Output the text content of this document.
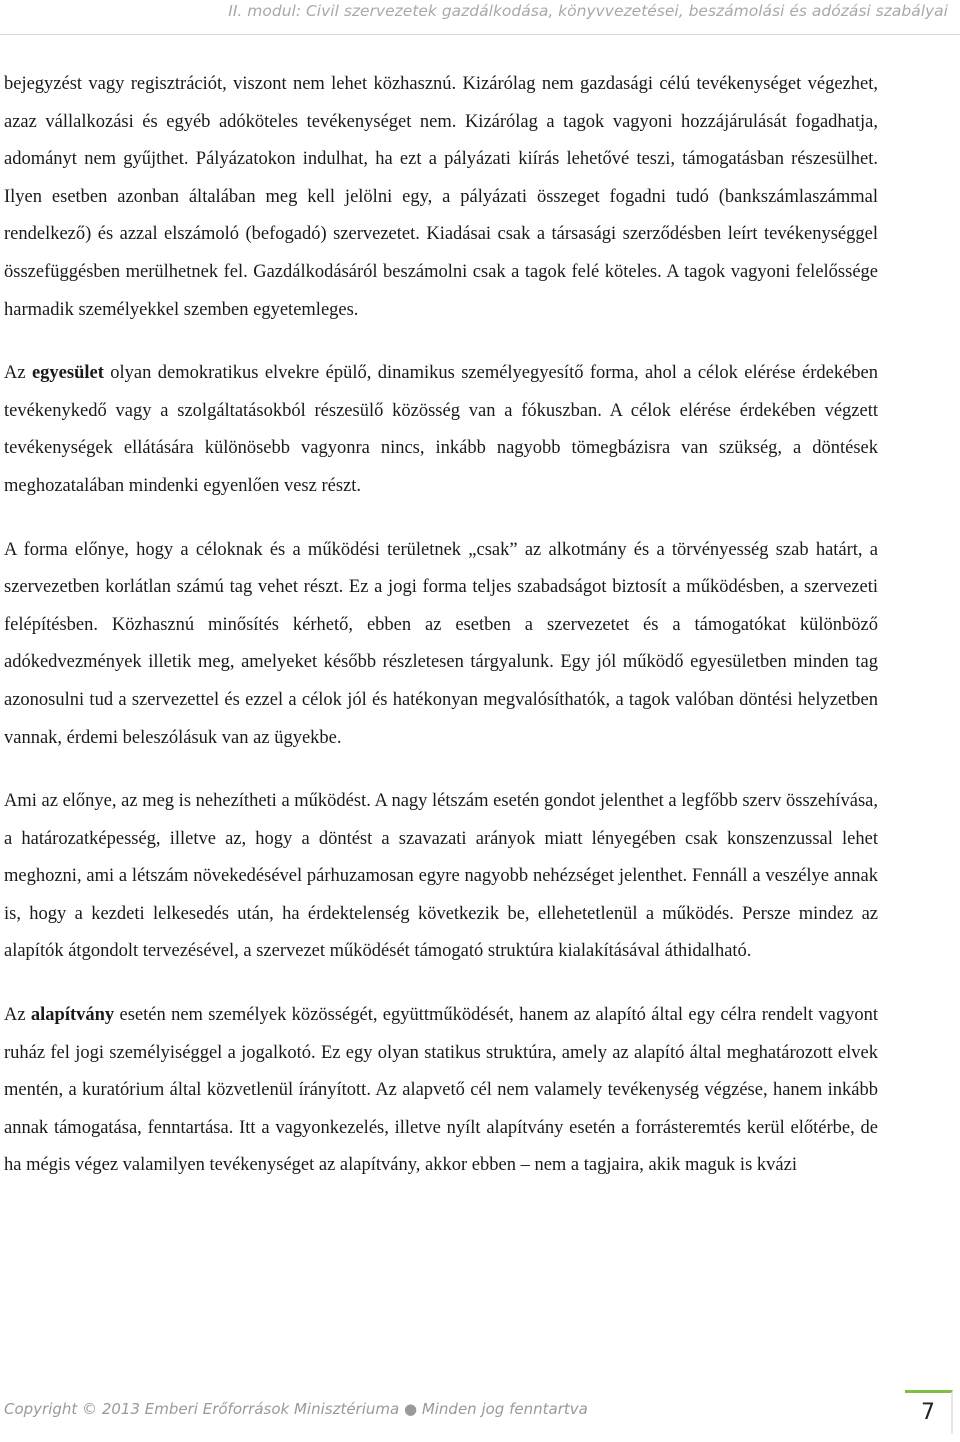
II. modul: Civil szervezetek gazdálkodása, könyvvezetései, beszámolási és adózási szabályai

bejegyzést vagy regisztrációt, viszont nem lehet közhasznú. Kizárólag nem gazdasági célú tevékenységet végezhet, azaz vállalkozási és egyéb adóköteles tevékenységet nem. Kizárólag a tagok vagyoni hozzájárulását fogadhatja, adományt nem gyűjthet. Pályázatokon indulhat, ha ezt a pályázati kiírás lehetővé teszi, támogatásban részesülhet. Ilyen esetben azonban általában meg kell jelölni egy, a pályázati összeget fogadni tudó (bankszámlaszámmal rendelkező) és azzal elszámoló (befogadó) szervezetet. Kiadásai csak a társasági szerződésben leírt tevékenységgel összefüggésben merülhetnek fel. Gazdálkodásáról beszámolni csak a tagok felé köteles. A tagok vagyoni felelőssége harmadik személyekkel szemben egyetemleges.

Az egyesület olyan demokratikus elvekre épülő, dinamikus személyegyesítő forma, ahol a célok elérése érdekében tevékenykedő vagy a szolgáltatásokból részesülő közösség van a fókuszban. A célok elérése érdekében végzett tevékenységek ellátására különösebb vagyonra nincs, inkább nagyobb tömegbázisra van szükség, a döntések meghozatalában mindenki egyenlően vesz részt.

A forma előnye, hogy a céloknak és a működési területnek „csak” az alkotmány és a törvényesség szab határt, a szervezetben korlátlan számú tag vehet részt. Ez a jogi forma teljes szabadságot biztosít a működésben, a szervezeti felépítésben. Közhasznú minősítés kérhető, ebben az esetben a szervezetet és a támogatókat különböző adókedvezmények illetik meg, amelyeket később részletesen tárgyalunk. Egy jól működő egyesületben minden tag azonosulni tud a szervezettel és ezzel a célok jól és hatékonyan megvalósíthatók, a tagok valóban döntési helyzetben vannak, érdemi beleszólásuk van az ügyekbe.

Ami az előnye, az meg is nehezítheti a működést. A nagy létszám esetén gondot jelenthet a legfőbb szerv összehívása, a határozatképesség, illetve az, hogy a döntést a szavazati arányok miatt lényegében csak konszenzussal lehet meghozni, ami a létszám növekedésével párhuzamosan egyre nagyobb nehézséget jelenthet. Fennáll a veszélye annak is, hogy a kezdeti lelkesedés után, ha érdektelenség következik be, ellehetetlenül a működés. Persze mindez az alapítók átgondolt tervezésével, a szervezet működését támogató struktúra kialakításával áthidalható.

Az alapítvány esetén nem személyek közösségét, együttműködését, hanem az alapító által egy célra rendelt vagyont ruház fel jogi személyiséggel a jogalkotó. Ez egy olyan statikus struktúra, amely az alapító által meghatározott elvek mentén, a kuratórium által közvetlenül írányított. Az alapvető cél nem valamely tevékenység végzése, hanem inkább annak támogatása, fenntartása. Itt a vagyonkezelés, illetve nyílt alapítvány esetén a forrásteremtés kerül előtérbe, de ha mégis végez valamilyen tevékenységet az alapítvány, akkor ebben – nem a tagjaira, akik maguk is kvázi

Copyright © 2013 Emberi Erőforrások Minisztériuma ● Minden jog fenntartva	7
